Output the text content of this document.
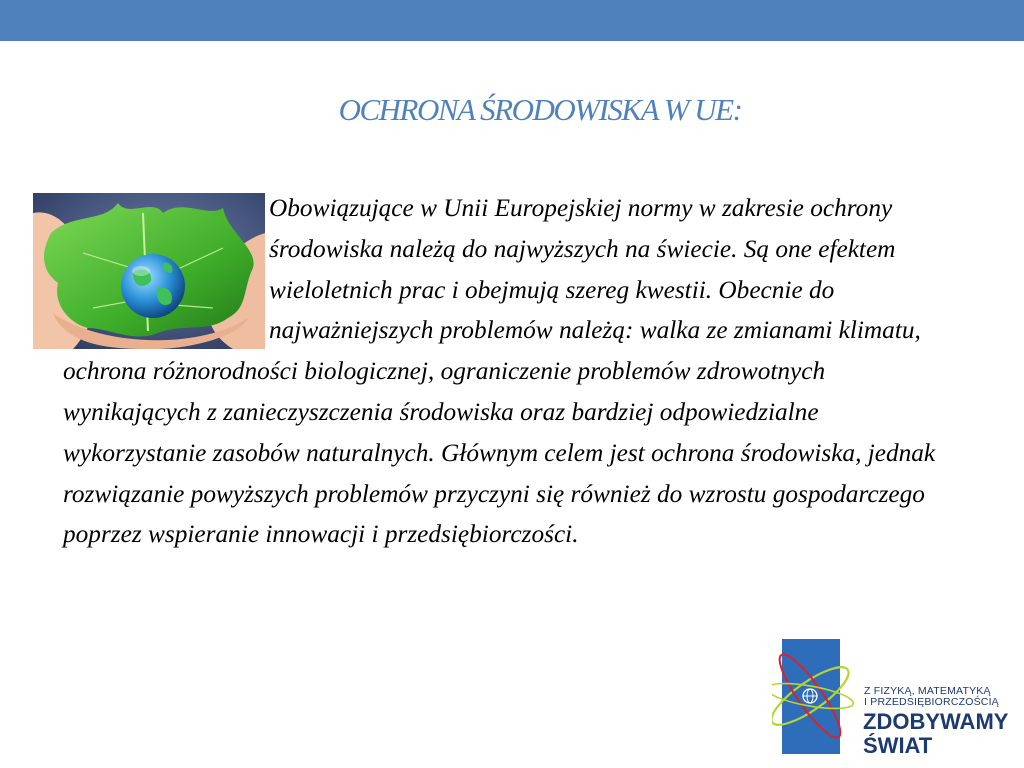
OCHRONA ŚRODOWISKA W UE:

Obowiązujące w Unii Europejskiej normy w zakresie ochrony środowiska należą do najwyższych na świecie. Są one efektem wieloletnich prac i obejmują szereg kwestii. Obecnie do najważniejszych problemów należą: walka ze zmianami klimatu, ochrona różnorodności biologicznej, ograniczenie problemów zdrowotnych wynikających z zanieczyszczenia środowiska oraz bardziej odpowiedzialne wykorzystanie zasobów naturalnych. Głównym celem jest ochrona środowiska, jednak rozwiązanie powyższych problemów przyczyni się również do wzrostu gospodarczego poprzez wspieranie innowacji i przedsiębiorczości.

Z FIZYKĄ, MATEMATYKĄ
I PRZEDSIĘBIORCZOŚCIĄ
ZDOBYWAMY
ŚWIAT
